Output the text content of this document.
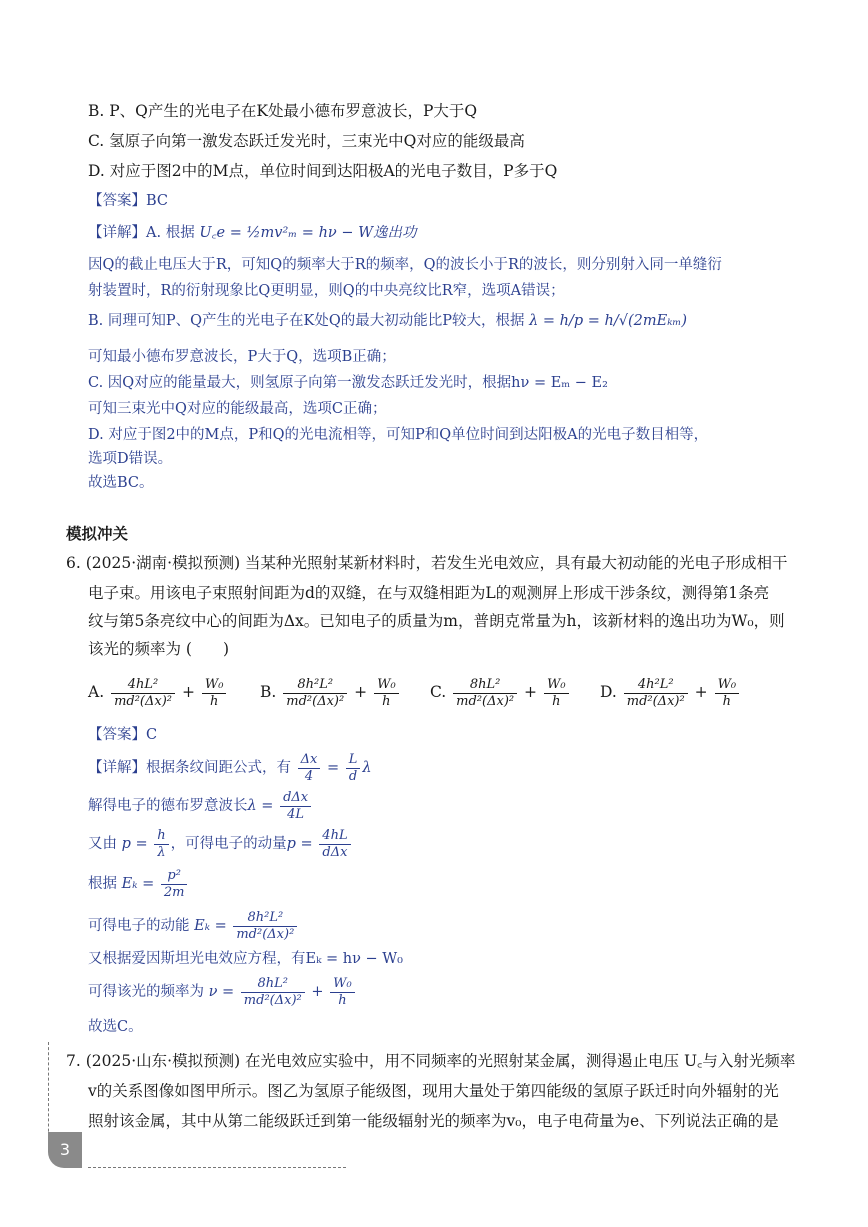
B. P、Q产生的光电子在K处最小德布罗意波长，P大于Q
C. 氢原子向第一激发态跃迁发光时，三束光中Q对应的能级最高
D. 对应于图2中的M点，单位时间到达阳极A的光电子数目，P多于Q
【答案】BC
【详解】A. 根据 U꜀e = ½mv²ₘ = hν − W逸出功
因Q的截止电压大于R，可知Q的频率大于R的频率，Q的波长小于R的波长，则分别射入同一单缝衍
射装置时，R的衍射现象比Q更明显，则Q的中央亮纹比R窄，选项A错误；
B. 同理可知P、Q产生的光电子在K处Q的最大初动能比P较大，根据 λ = h/p = h/√(2mEₖₘ)
可知最小德布罗意波长，P大于Q，选项B正确；
C. 因Q对应的能量最大，则氢原子向第一激发态跃迁发光时，根据hν = Eₘ − E₂
可知三束光中Q对应的能级最高，选项C正确；
D. 对应于图2中的M点，P和Q的光电流相等，可知P和Q单位时间到达阳极A的光电子数目相等，
选项D错误。
故选BC。
模拟冲关
6. (2025·湖南·模拟预测) 当某种光照射某新材料时，若发生光电效应，具有最大初动能的光电子形成相干
电子束。用该电子束照射间距为d的双缝，在与双缝相距为L的观测屏上形成干涉条纹，测得第1条亮
纹与第5条亮纹中心的间距为Δx。已知电子的质量为m，普朗克常量为h，该新材料的逸出功为W₀，则
该光的频率为 (　　)
A. $\frac{\text{4hL²}}{\text{md²(Δx)²}} + \frac{\text{W₀}}{h} B$. $\frac{\text{8h²L²}}{\text{md²(Δx)²}} + \frac{\text{W₀}}{h} C$. $\frac{\text{8hL²}}{\text{md²(Δx)²}} + \frac{\text{W₀}}{h} D$. $\frac{\text{4h²L²}}{\text{md²(Δx)²}} + \frac{\text{W₀}}{h}$
【答案】C
【详解】根据条纹间距公式，有 $\frac{\Delta x}{4} = \frac{L}{d}$ λ
解得电子的德布罗意波长$\lambda = \frac{\text{dΔx}}{4L}$
又由 $p = \frac{h}{\lambda}$ ，可得电子的动量$p = \frac{4hL}{\text{dΔx}}$
根据 $E_k = \frac{\text{p²}}{2m}$
可得电子的动能 $E_k = \frac{\text{8h²L²}}{\text{md²(Δx)²}}$
又根据爱因斯坦光电效应方程，有Eₖ = hν − W₀
可得该光的频率为 $\nu = \frac{\text{8hL²}}{\text{md²(Δx)²}} + \frac{\text{W₀}}{h}$
故选C。
7. (2025·山东·模拟预测) 在光电效应实验中，用不同频率的光照射某金属，测得遏止电压 U꜀与入射光频率
v的关系图像如图甲所示。图乙为氢原子能级图，现用大量处于第四能级的氢原子跃迁时向外辐射的光
照射该金属，其中从第二能级跃迁到第一能级辐射光的频率为v₀，电子电荷量为e、下列说法正确的是
3
